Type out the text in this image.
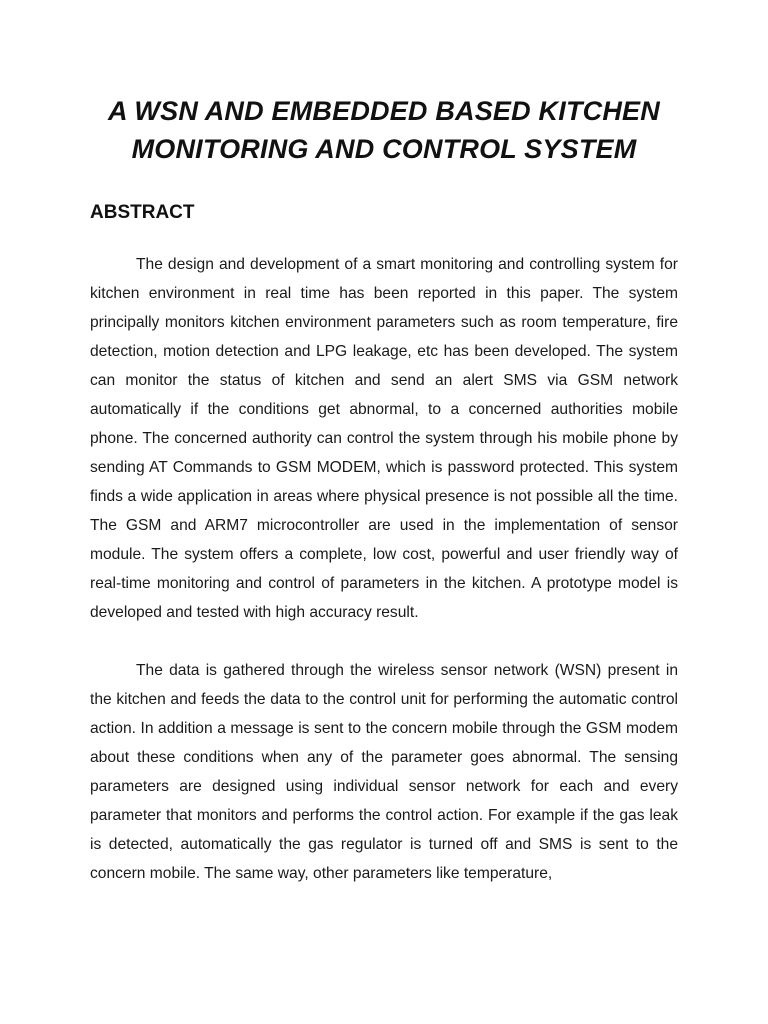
A WSN AND EMBEDDED BASED KITCHEN
MONITORING AND CONTROL SYSTEM
ABSTRACT

The design and development of a smart monitoring and controlling system for kitchen environment in real time has been reported in this paper. The system principally monitors kitchen environment parameters such as room temperature, fire detection, motion detection and LPG leakage, etc has been developed. The system can monitor the status of kitchen and send an alert SMS via GSM network automatically if the conditions get abnormal, to a concerned authorities mobile phone. The concerned authority can control the system through his mobile phone by sending AT Commands to GSM MODEM, which is password protected. This system finds a wide application in areas where physical presence is not possible all the time. The GSM and ARM7 microcontroller are used in the implementation of sensor module. The system offers a complete, low cost, powerful and user friendly way of real-time monitoring and control of parameters in the kitchen. A prototype model is developed and tested with high accuracy result.

The data is gathered through the wireless sensor network (WSN) present in the kitchen and feeds the data to the control unit for performing the automatic control action. In addition a message is sent to the concern mobile through the GSM modem about these conditions when any of the parameter goes abnormal. The sensing parameters are designed using individual sensor network for each and every parameter that monitors and performs the control action. For example if the gas leak is detected, automatically the gas regulator is turned off and SMS is sent to the concern mobile. The same way, other parameters like temperature,
